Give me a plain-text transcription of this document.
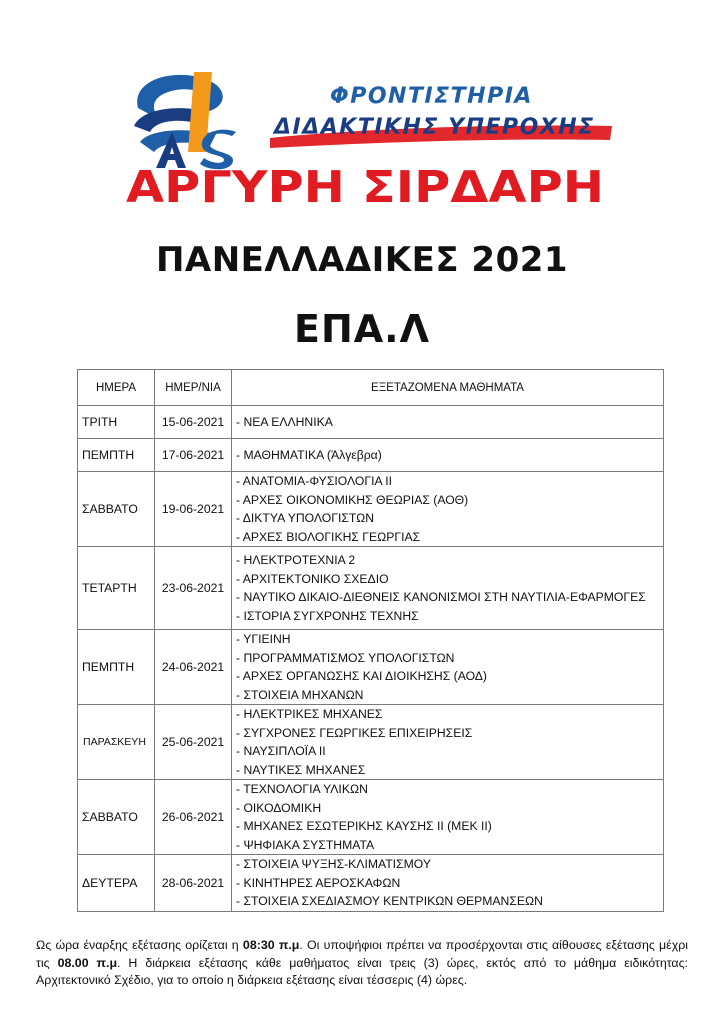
ΦΡΟΝΤΙΣΤΗΡΙΑ
ΔΙΔΑΚΤΙΚΗΣ ΥΠΕΡΟΧΗΣ
ΑΡΓΥΡΗ ΣΙΡΔΑΡΗ
ΠΑΝΕΛΛΑΔΙΚΕΣ 2021
ΕΠΑ.Λ
ΗΜΕΡΑ	ΗΜΕΡ/ΝΙΑ	ΕΞΕΤΑΖΟΜΕΝΑ ΜΑΘΗΜΑΤΑ
ΤΡΙΤΗ	15-06-2021	- ΝΕΑ ΕΛΛΗΝΙΚΑ

ΠΕΜΠΤΗ	17-06-2021	- ΜΑΘΗΜΑΤΙΚΑ (Άλγεβρα)

ΣΑΒΒΑΤΟ	19-06-2021	- ΑΝΑΤΟΜΙΑ-ΦΥΣΙΟΛΟΓΙΑ ΙΙ
- ΑΡΧΕΣ ΟΙΚΟΝΟΜΙΚΗΣ ΘΕΩΡΙΑΣ (ΑΟΘ)
- ΔΙΚΤΥΑ ΥΠΟΛΟΓΙΣΤΩΝ
- ΑΡΧΕΣ ΒΙΟΛΟΓΙΚΗΣ ΓΕΩΡΓΙΑΣ

ΤΕΤΑΡΤΗ	23-06-2021	- ΗΛΕΚΤΡΟΤΕΧΝΙΑ 2
- ΑΡΧΙΤΕΚΤΟΝΙΚΟ ΣΧΕΔΙΟ
- ΝΑΥΤΙΚΟ ΔΙΚΑΙΟ-ΔΙΕΘΝΕΙΣ ΚΑΝΟΝΙΣΜΟΙ ΣΤΗ ΝΑΥΤΙΛΙΑ-ΕΦΑΡΜΟΓΕΣ
- ΙΣΤΟΡΙΑ ΣΥΓΧΡΟΝΗΣ ΤΕΧΝΗΣ

ΠΕΜΠΤΗ	24-06-2021	- ΥΓΙΕΙΝΗ
- ΠΡΟΓΡΑΜΜΑΤΙΣΜΟΣ ΥΠΟΛΟΓΙΣΤΩΝ
- ΑΡΧΕΣ ΟΡΓΑΝΩΣΗΣ ΚΑΙ ΔΙΟΙΚΗΣΗΣ (ΑΟΔ)
- ΣΤΟΙΧΕΙΑ ΜΗΧΑΝΩΝ

ΠΑΡΑΣΚΕΥΗ	25-06-2021	- ΗΛΕΚΤΡΙΚΕΣ ΜΗΧΑΝΕΣ
- ΣΥΓΧΡΟΝΕΣ ΓΕΩΡΓΙΚΕΣ ΕΠΙΧΕΙΡΗΣΕΙΣ
- ΝΑΥΣΙΠΛΟΪΑ ΙΙ
- ΝΑΥΤΙΚΕΣ ΜΗΧΑΝΕΣ

ΣΑΒΒΑΤΟ	26-06-2021	- ΤΕΧΝΟΛΟΓΙΑ ΥΛΙΚΩΝ
- ΟΙΚΟΔΟΜΙΚΗ
- ΜΗΧΑΝΕΣ ΕΣΩΤΕΡΙΚΗΣ ΚΑΥΣΗΣ ΙΙ (ΜΕΚ ΙΙ)
- ΨΗΦΙΑΚΑ ΣΥΣΤΗΜΑΤΑ

ΔΕΥΤΕΡΑ	28-06-2021	- ΣΤΟΙΧΕΙΑ ΨΥΞΗΣ-ΚΛΙΜΑΤΙΣΜΟΥ
- ΚΙΝΗΤΗΡΕΣ ΑΕΡΟΣΚΑΦΩΝ
- ΣΤΟΙΧΕΙΑ ΣΧΕΔΙΑΣΜΟΥ ΚΕΝΤΡΙΚΩΝ ΘΕΡΜΑΝΣΕΩΝ
Ως ώρα έναρξης εξέτασης ορίζεται η 08:30 π.μ. Οι υποψήφιοι πρέπει να προσέρχονται στις αίθουσες εξέτασης μέχρι τις 08.00 π.μ. Η διάρκεια εξέτασης κάθε μαθήματος είναι τρεις (3) ώρες, εκτός από το μάθημα ειδικότητας: Αρχιτεκτονικό Σχέδιο, για το οποίο η διάρκεια εξέτασης είναι τέσσερις (4) ώρες.
